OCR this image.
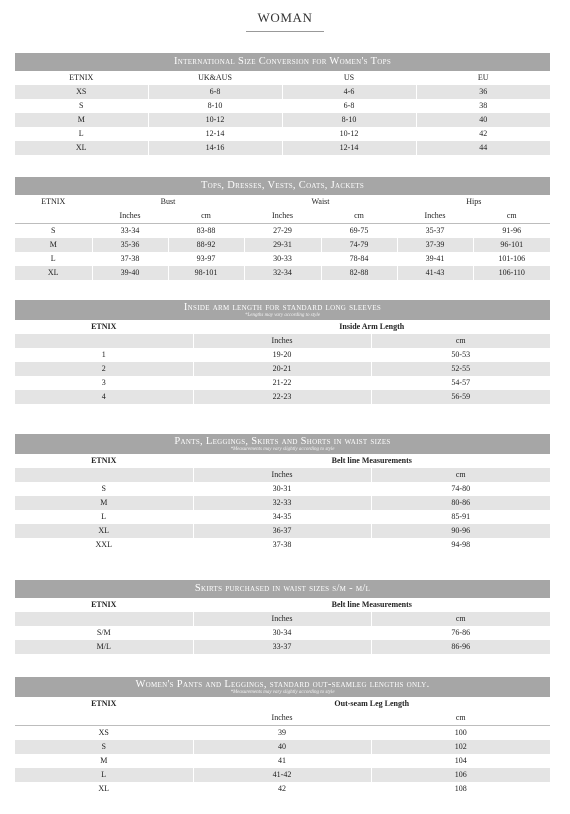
WOMAN
International Size Conversion for Women's Tops			
ETNIX	UK&AUS	US	EU
XS	6-8	4-6	36
S	8-10	6-8	38
M	10-12	8-10	40
L	12-14	10-12	42
XL	14-16	12-14	44
Tops, Dresses, Vests, Coats, Jackets						
ETNIX	Bust		Waist		Hips	
	Inches	cm	Inches	cm	Inches	cm
S	33-34	83-88	27-29	69-75	35-37	91-96
M	35-36	88-92	29-31	74-79	37-39	96-101
L	37-38	93-97	30-33	78-84	39-41	101-106
XL	39-40	98-101	32-34	82-88	41-43	106-110
Inside arm length for standard long sleeves
*Lengths may vary according to style		

ETNIX	Inside Arm Length	
	Inches	cm
1	19-20	50-53
2	20-21	52-55
3	21-22	54-57
4	22-23	56-59
Pants, Leggings, Skirts and Shorts in waist sizes
*Measurements may vary slightly according to style		

ETNIX	Belt line Measurements	
	Inches	cm
S	30-31	74-80
M	32-33	80-86
L	34-35	85-91
XL	36-37	90-96
XXL	37-38	94-98
Skirts purchased in waist sizes s/m - m/l		
ETNIX	Belt line Measurements	
	Inches	cm
S/M	30-34	76-86
M/L	33-37	86-96
Women's Pants and Leggings, standard out-seamleg lengths only.
*Measurements may vary slightly according to style		

ETNIX	Out-seam Leg Length	
	Inches	cm
XS	39	100
S	40	102
M	41	104
L	41-42	106
XL	42	108
